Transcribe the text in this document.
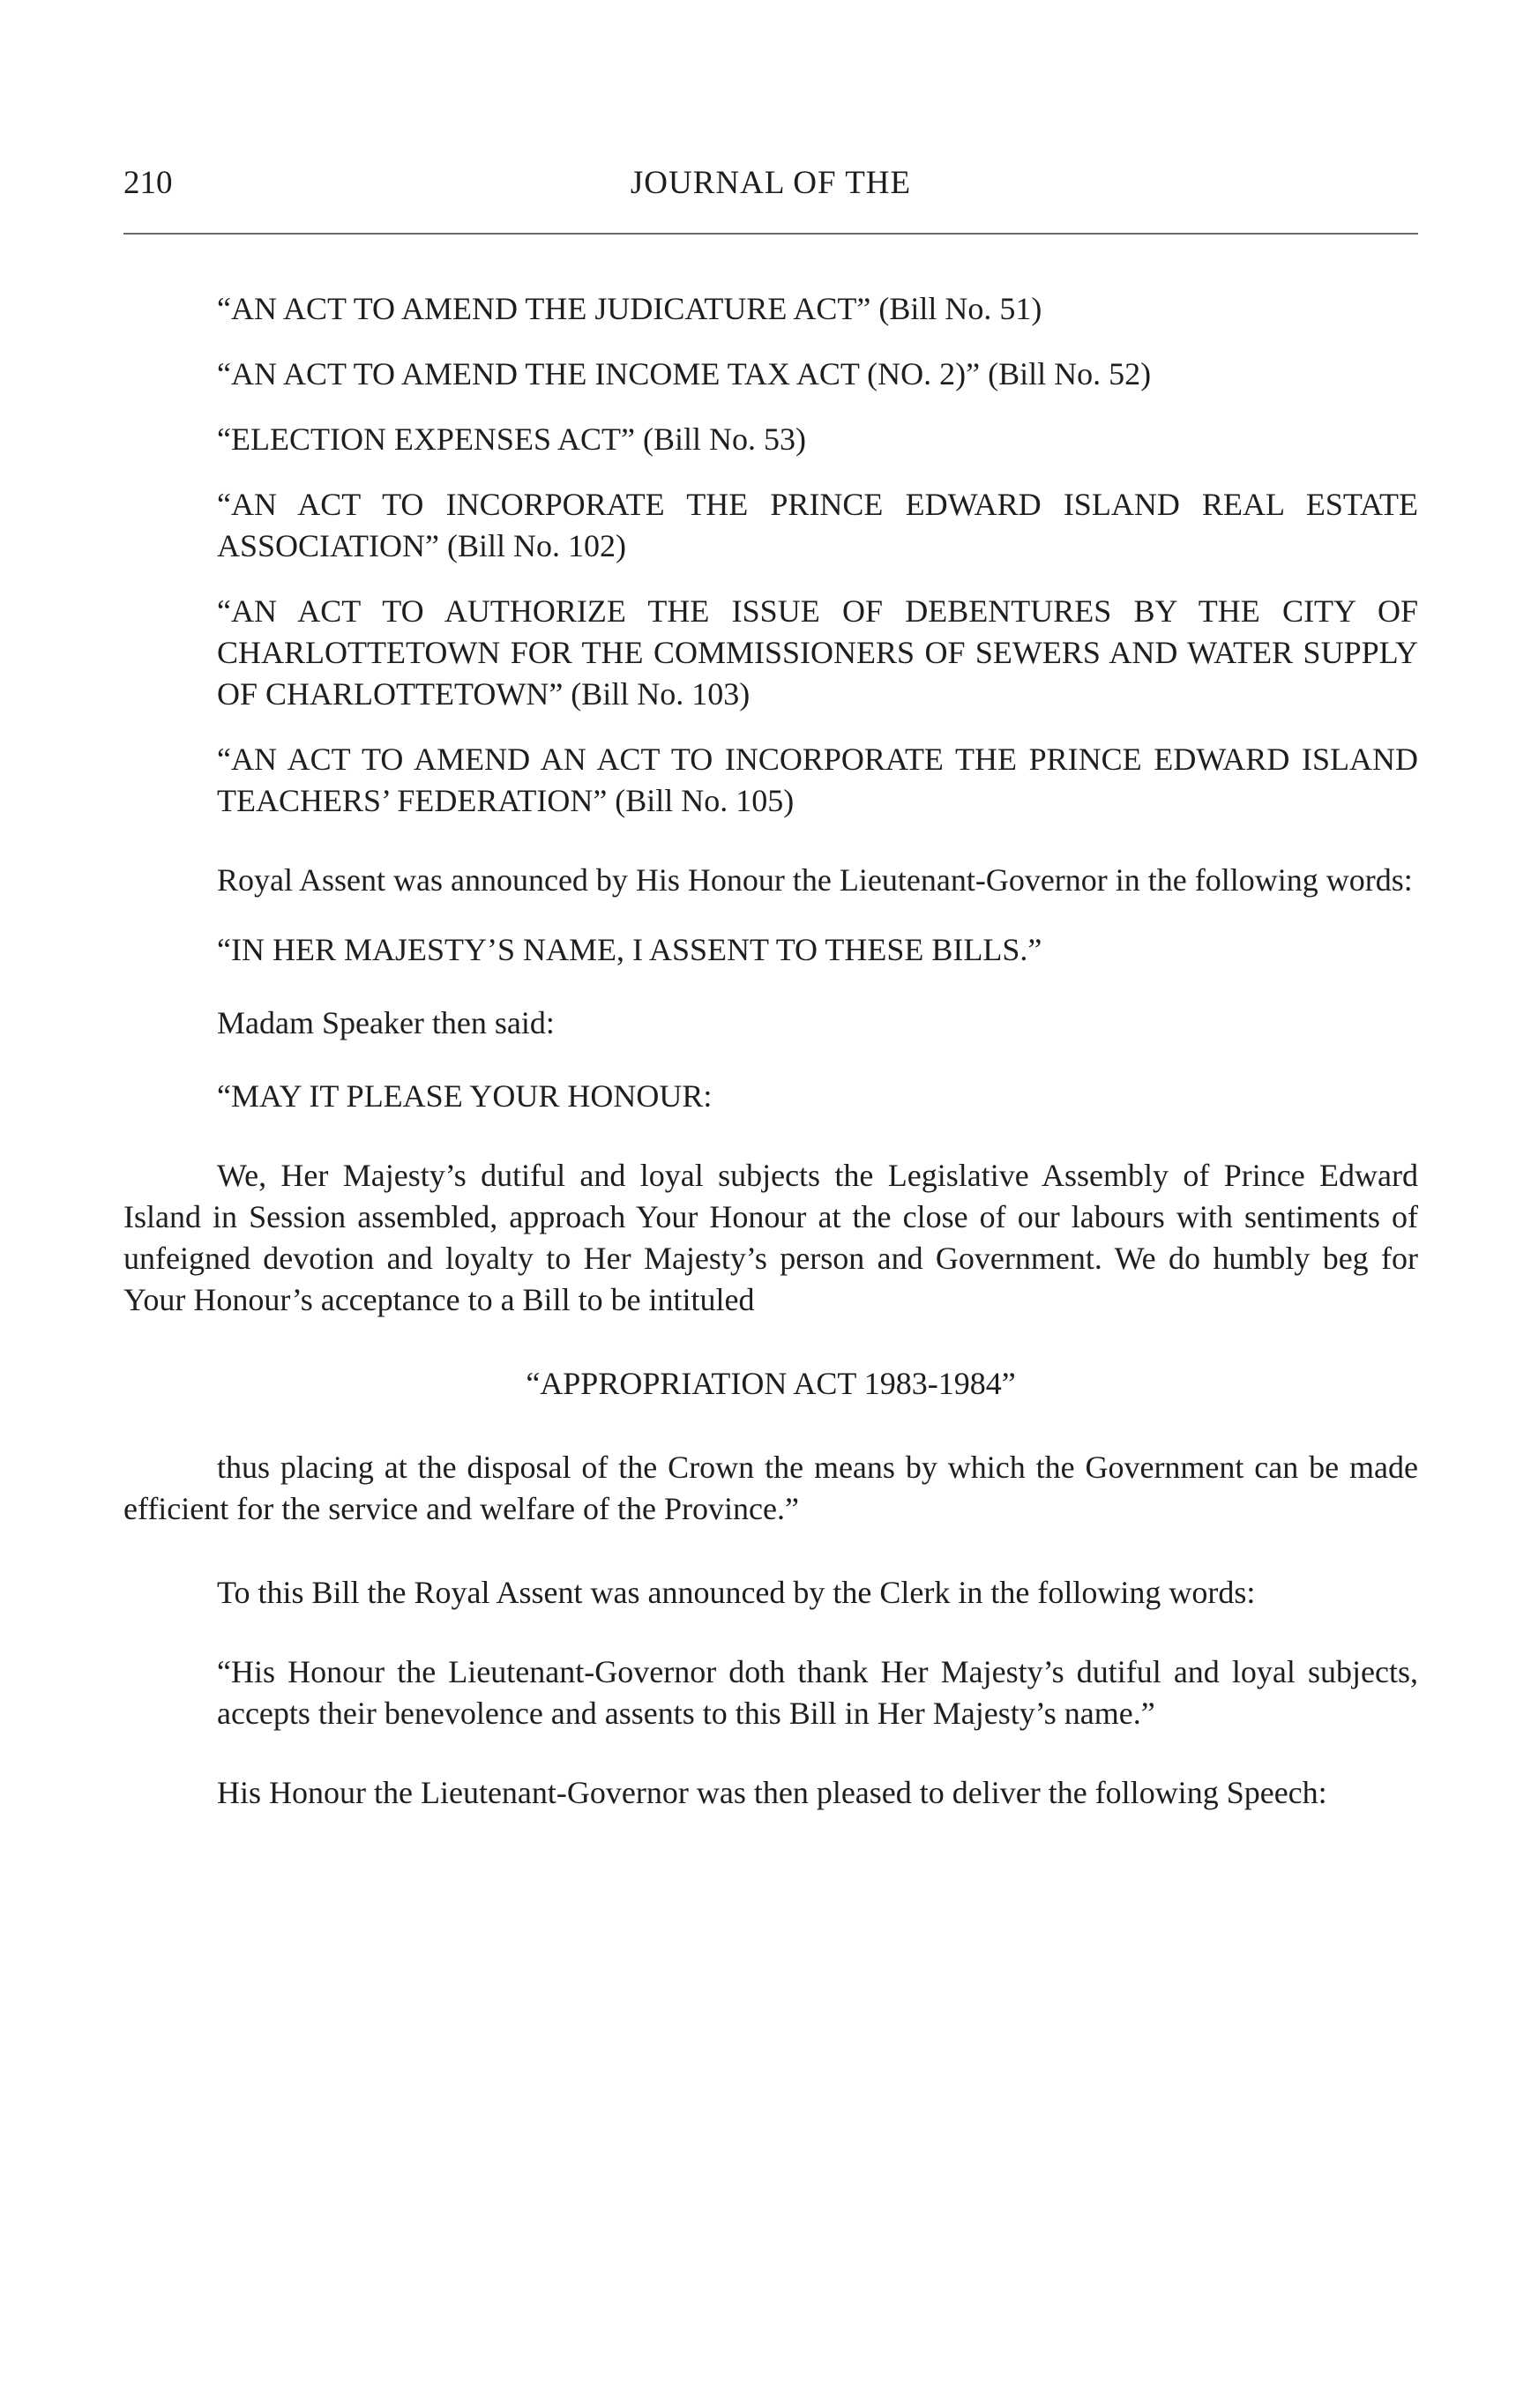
210	JOURNAL OF THE

“AN ACT TO AMEND THE JUDICATURE ACT” (Bill No. 51)

“AN ACT TO AMEND THE INCOME TAX ACT (NO. 2)” (Bill No. 52)

“ELECTION EXPENSES ACT” (Bill No. 53)

“AN ACT TO INCORPORATE THE PRINCE EDWARD ISLAND REAL ESTATE ASSOCIATION” (Bill No. 102)

“AN ACT TO AUTHORIZE THE ISSUE OF DEBENTURES BY THE CITY OF CHARLOTTETOWN FOR THE COMMISSIONERS OF SEWERS AND WATER SUPPLY OF CHARLOTTETOWN” (Bill No. 103)

“AN ACT TO AMEND AN ACT TO INCORPORATE THE PRINCE EDWARD ISLAND TEACHERS’ FEDERATION” (Bill No. 105)

Royal Assent was announced by His Honour the Lieutenant-Governor in the following words:

“IN HER MAJESTY’S NAME, I ASSENT TO THESE BILLS.”

Madam Speaker then said:

“MAY IT PLEASE YOUR HONOUR:

We, Her Majesty’s dutiful and loyal subjects the Legislative Assembly of Prince Edward Island in Session assembled, approach Your Honour at the close of our labours with sentiments of unfeigned devotion and loyalty to Her Majesty’s person and Government. We do humbly beg for Your Honour’s acceptance to a Bill to be intituled

“APPROPRIATION ACT 1983-1984”

thus placing at the disposal of the Crown the means by which the Government can be made efficient for the service and welfare of the Province.”

To this Bill the Royal Assent was announced by the Clerk in the following words:

“His Honour the Lieutenant-Governor doth thank Her Majesty’s dutiful and loyal subjects, accepts their benevolence and assents to this Bill in Her Majesty’s name.”

His Honour the Lieutenant-Governor was then pleased to deliver the following Speech:
